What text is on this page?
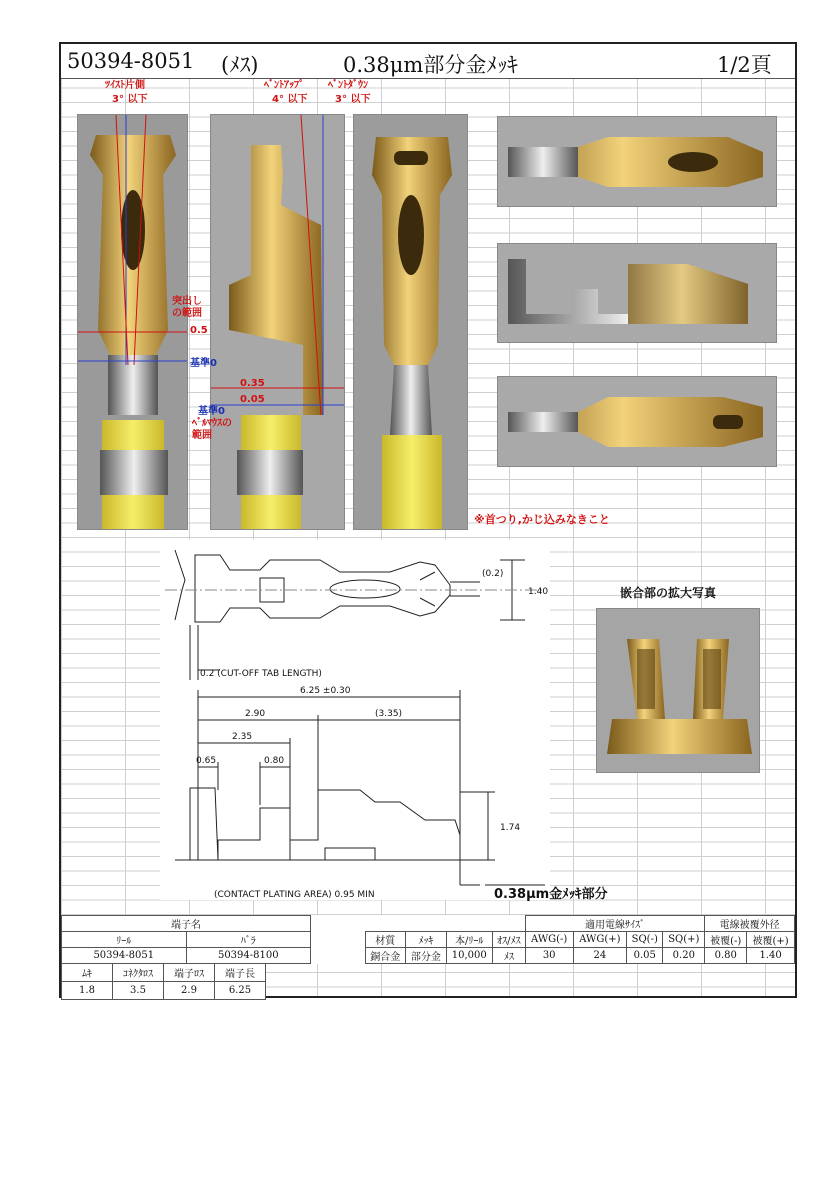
50394-8051 (ﾒｽ)	0.38μm部分金ﾒｯｷ	1/2頁
ﾂｲｽﾄ片側
3° 以下
ﾍﾞﾝﾄｱｯﾌﾟ
4° 以下
ﾍﾞﾝﾄﾀﾞｳﾝ
3° 以下
突出しの範囲
0.5
基準0
0.35
0.05
基準0
ﾍﾞﾙﾏｳｽの範囲
※首つり,かじ込みなきこと
(0.2)
1.40
0.2 (CUT-OFF TAB LENGTH)
6.25 ±0.30
2.90	(3.35)
2.35
0.65	0.80
1.74
(CONTACT PLATING AREA) 0.95 MIN	0.38μm金ﾒｯｷ部分
嵌合部の拡大写真
端子名							適用電線ｻｲｽﾞ				電線被覆外径	
ﾘｰﾙ	ﾊﾞﾗ		材質	ﾒｯｷ	本/ﾘｰﾙ	ｵｽ/ﾒｽ	AWG(-)	AWG(+)	SQ(-)	SQ(+)	被覆(-)	被覆(+)
50394-8051	50394-8100		銅合金	部分金	10,000	ﾒｽ	30	24	0.05	0.20	0.80	1.40
ﾑｷ	ｺﾈｸﾀﾛｽ	端子ﾛｽ	端子長
1.8	3.5	2.9	6.25
